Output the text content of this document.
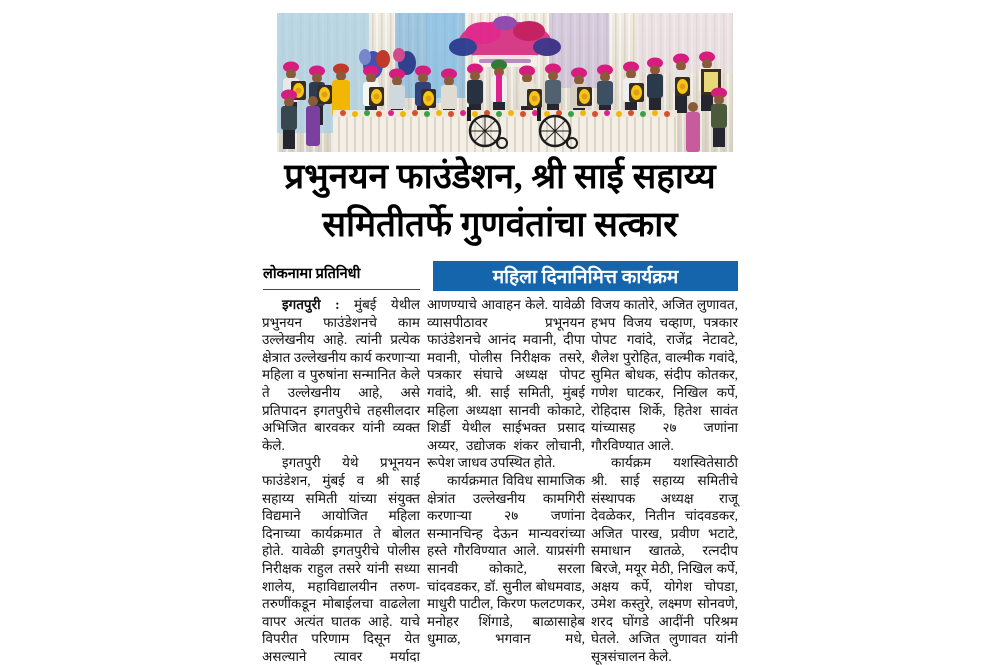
प्रभुनयन फाउंडेशन, श्री साई सहाय्य
समितीतर्फे गुणवंतांचा सत्कार
लोकनामा प्रतिनिधी	महिला दिनानिमित्त कार्यक्रम

इगतपुरी : मुंबई येथील प्रभुनयन फाउंडेशनचे काम उल्लेखनीय आहे. त्यांनी प्रत्येक क्षेत्रात उल्लेखनीय कार्य करणाऱ्या महिला व पुरुषांना सन्मानित केले ते उल्लेखनीय आहे, असे प्रतिपादन इगतपुरीचे तहसीलदार अभिजित बारवकर यांनी व्यक्त केले.

इगतपुरी येथे प्रभूनयन फाउंडेशन, मुंबई व श्री साई सहाय्य समिती यांच्या संयुक्त विद्यमाने आयोजित महिला दिनाच्या कार्यक्रमात ते बोलत होते. यावेळी इगतपुरीचे पोलीस निरीक्षक राहुल तसरे यांनी सध्या शालेय, महाविद्यालयीन तरुण-तरुणींकडून मोबाईलचा वाढलेला वापर अत्यंत घातक आहे. याचे विपरीत परिणाम दिसून येत असल्याने त्यावर मर्यादा

आणण्याचे आवाहन केले. यावेळी व्यासपीठावर प्रभूनयन फाउंडेशनचे आनंद मवानी, दीपा मवानी, पोलीस निरीक्षक तसरे, पत्रकार संघाचे अध्यक्ष पोपट गवांदे, श्री. साई समिती, मुंबई महिला अध्यक्षा सानवी कोकाटे, शिर्डी येथील साईभक्त प्रसाद अय्यर, उद्योजक शंकर लोचानी, रूपेश जाधव उपस्थित होते.

कार्यक्रमात विविध सामाजिक क्षेत्रांत उल्लेखनीय कामगिरी करणाऱ्या २७ जणांना सन्मानचिन्ह देऊन मान्यवरांच्या हस्ते गौरविण्यात आले. याप्रसंगी सानवी कोकाटे, सरला चांदवडकर, डॉ. सुनील बोधमवाड, माधुरी पाटील, किरण फलटणकर, मनोहर शिंगाडे, बाळासाहेब धुमाळ, भगवान मधे,

विजय कातोरे, अजित लुणावत, हभप विजय चव्हाण, पत्रकार पोपट गवांदे, राजेंद्र नेटावटे, शैलेश पुरोहित, वाल्मीक गवांदे, सुमित बोधक, संदीप कोतकर, गणेश घाटकर, निखिल कर्पे, रोहिदास शिर्के, हितेश सावंत यांच्यासह २७ जणांना गौरविण्यात आले.

कार्यक्रम यशस्वितेसाठी श्री. साई सहाय्य समितीचे संस्थापक अध्यक्ष राजू देवळेकर, नितीन चांदवडकर, अजित पारख, प्रवीण भटाटे, समाधान खातळे, रत्नदीप बिरजे, मयूर मेठी, निखिल कर्पे, अक्षय कर्पे, योगेश चोपडा, उमेश कस्तुरे, लक्ष्मण सोनवणे, शरद घोंगडे आदींनी परिश्रम घेतले. अजित लुणावत यांनी सूत्रसंचालन केले.
